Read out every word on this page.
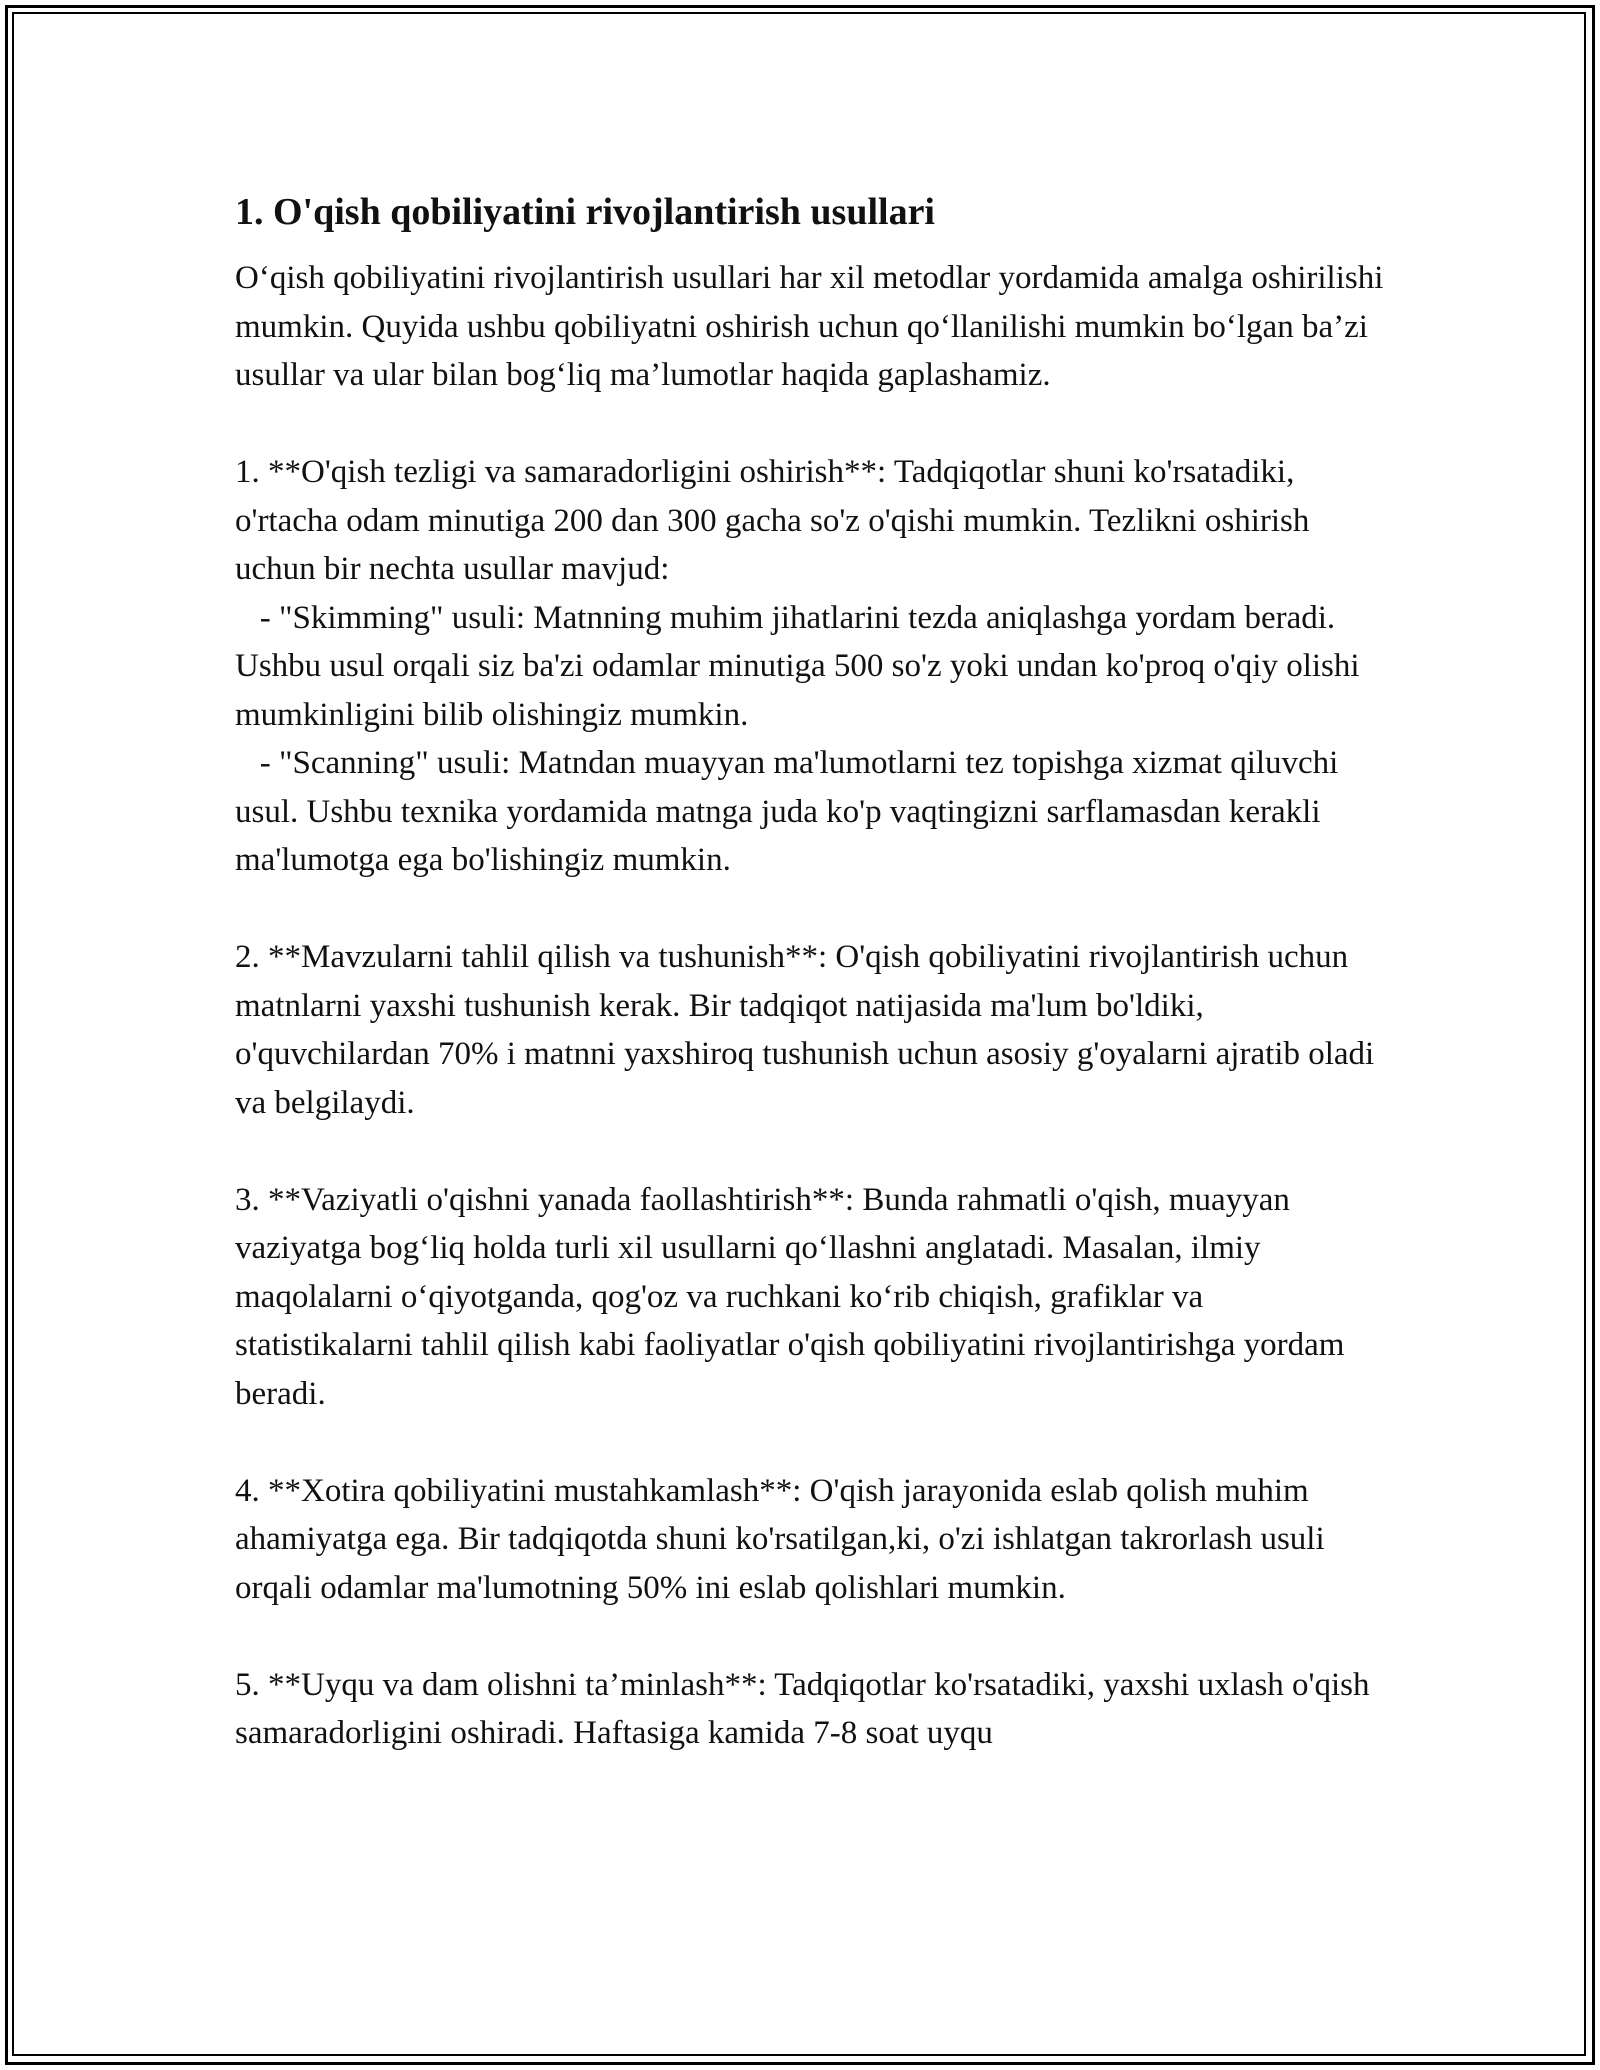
1. O'qish qobiliyatini rivojlantirish usullari
O‘qish qobiliyatini rivojlantirish usullari har xil metodlar yordamida amalga oshirilishi mumkin. Quyida ushbu qobiliyatni oshirish uchun qo‘llanilishi mumkin bo‘lgan ba’zi usullar va ular bilan bog‘liq ma’lumotlar haqida gaplashamiz.
1. **O'qish tezligi va samaradorligini oshirish**: Tadqiqotlar shuni ko'rsatadiki, o'rtacha odam minutiga 200 dan 300 gacha so'z o'qishi mumkin. Tezlikni oshirish uchun bir nechta usullar mavjud:
- "Skimming" usuli: Matnning muhim jihatlarini tezda aniqlashga yordam beradi. Ushbu usul orqali siz ba'zi odamlar minutiga 500 so'z yoki undan ko'proq o'qiy olishi mumkinligini bilib olishingiz mumkin.
- "Scanning" usuli: Matndan muayyan ma'lumotlarni tez topishga xizmat qiluvchi usul. Ushbu texnika yordamida matnga juda ko'p vaqtingizni sarflamasdan kerakli ma'lumotga ega bo'lishingiz mumkin.
2. **Mavzularni tahlil qilish va tushunish**: O'qish qobiliyatini rivojlantirish uchun matnlarni yaxshi tushunish kerak. Bir tadqiqot natijasida ma'lum bo'ldiki, o'quvchilardan 70% i matnni yaxshiroq tushunish uchun asosiy g'oyalarni ajratib oladi va belgilaydi.
3. **Vaziyatli o'qishni yanada faollashtirish**: Bunda rahmatli o'qish, muayyan vaziyatga bog‘liq holda turli xil usullarni qo‘llashni anglatadi. Masalan, ilmiy maqolalarni o‘qiyotganda, qog'oz va ruchkani ko‘rib chiqish, grafiklar va statistikalarni tahlil qilish kabi faoliyatlar o'qish qobiliyatini rivojlantirishga yordam beradi.
4. **Xotira qobiliyatini mustahkamlash**: O'qish jarayonida eslab qolish muhim ahamiyatga ega. Bir tadqiqotda shuni ko'rsatilgan,ki, o'zi ishlatgan takrorlash usuli orqali odamlar ma'lumotning 50% ini eslab qolishlari mumkin.
5. **Uyqu va dam olishni ta’minlash**: Tadqiqotlar ko'rsatadiki, yaxshi uxlash o'qish samaradorligini oshiradi. Haftasiga kamida 7-8 soat uyqu
